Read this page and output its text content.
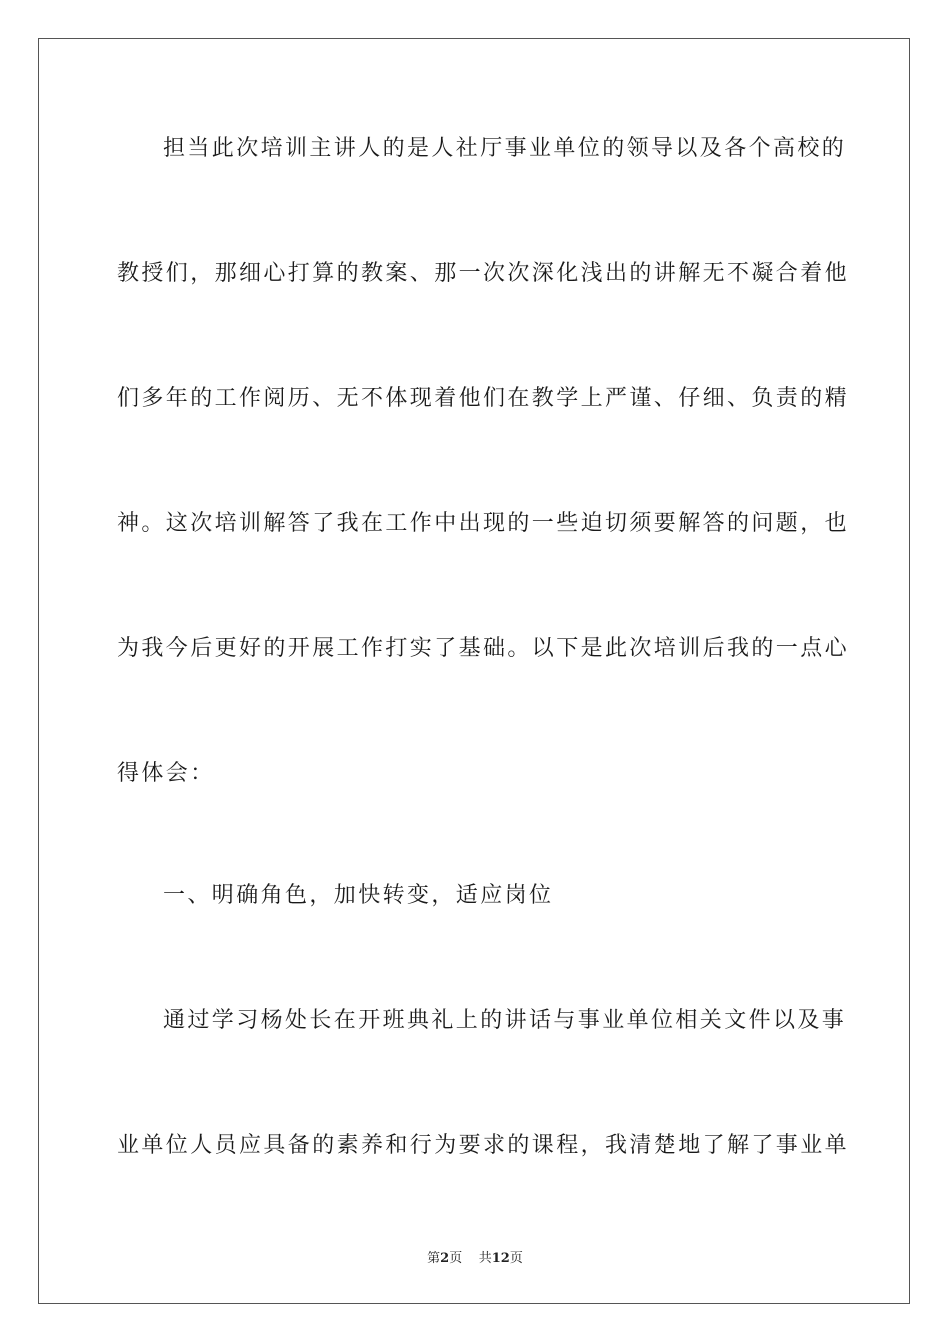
担当此次培训主讲人的是人社厅事业单位的领导以及各个高校的
教授们，那细心打算的教案、那一次次深化浅出的讲解无不凝合着他
们多年的工作阅历、无不体现着他们在教学上严谨、仔细、负责的精
神。这次培训解答了我在工作中出现的一些迫切须要解答的问题，也
为我今后更好的开展工作打实了基础。以下是此次培训后我的一点心
得体会：
一、明确角色，加快转变，适应岗位
通过学习杨处长在开班典礼上的讲话与事业单位相关文件以及事
业单位人员应具备的素养和行为要求的课程，我清楚地了解了事业单
第2页 共12页
